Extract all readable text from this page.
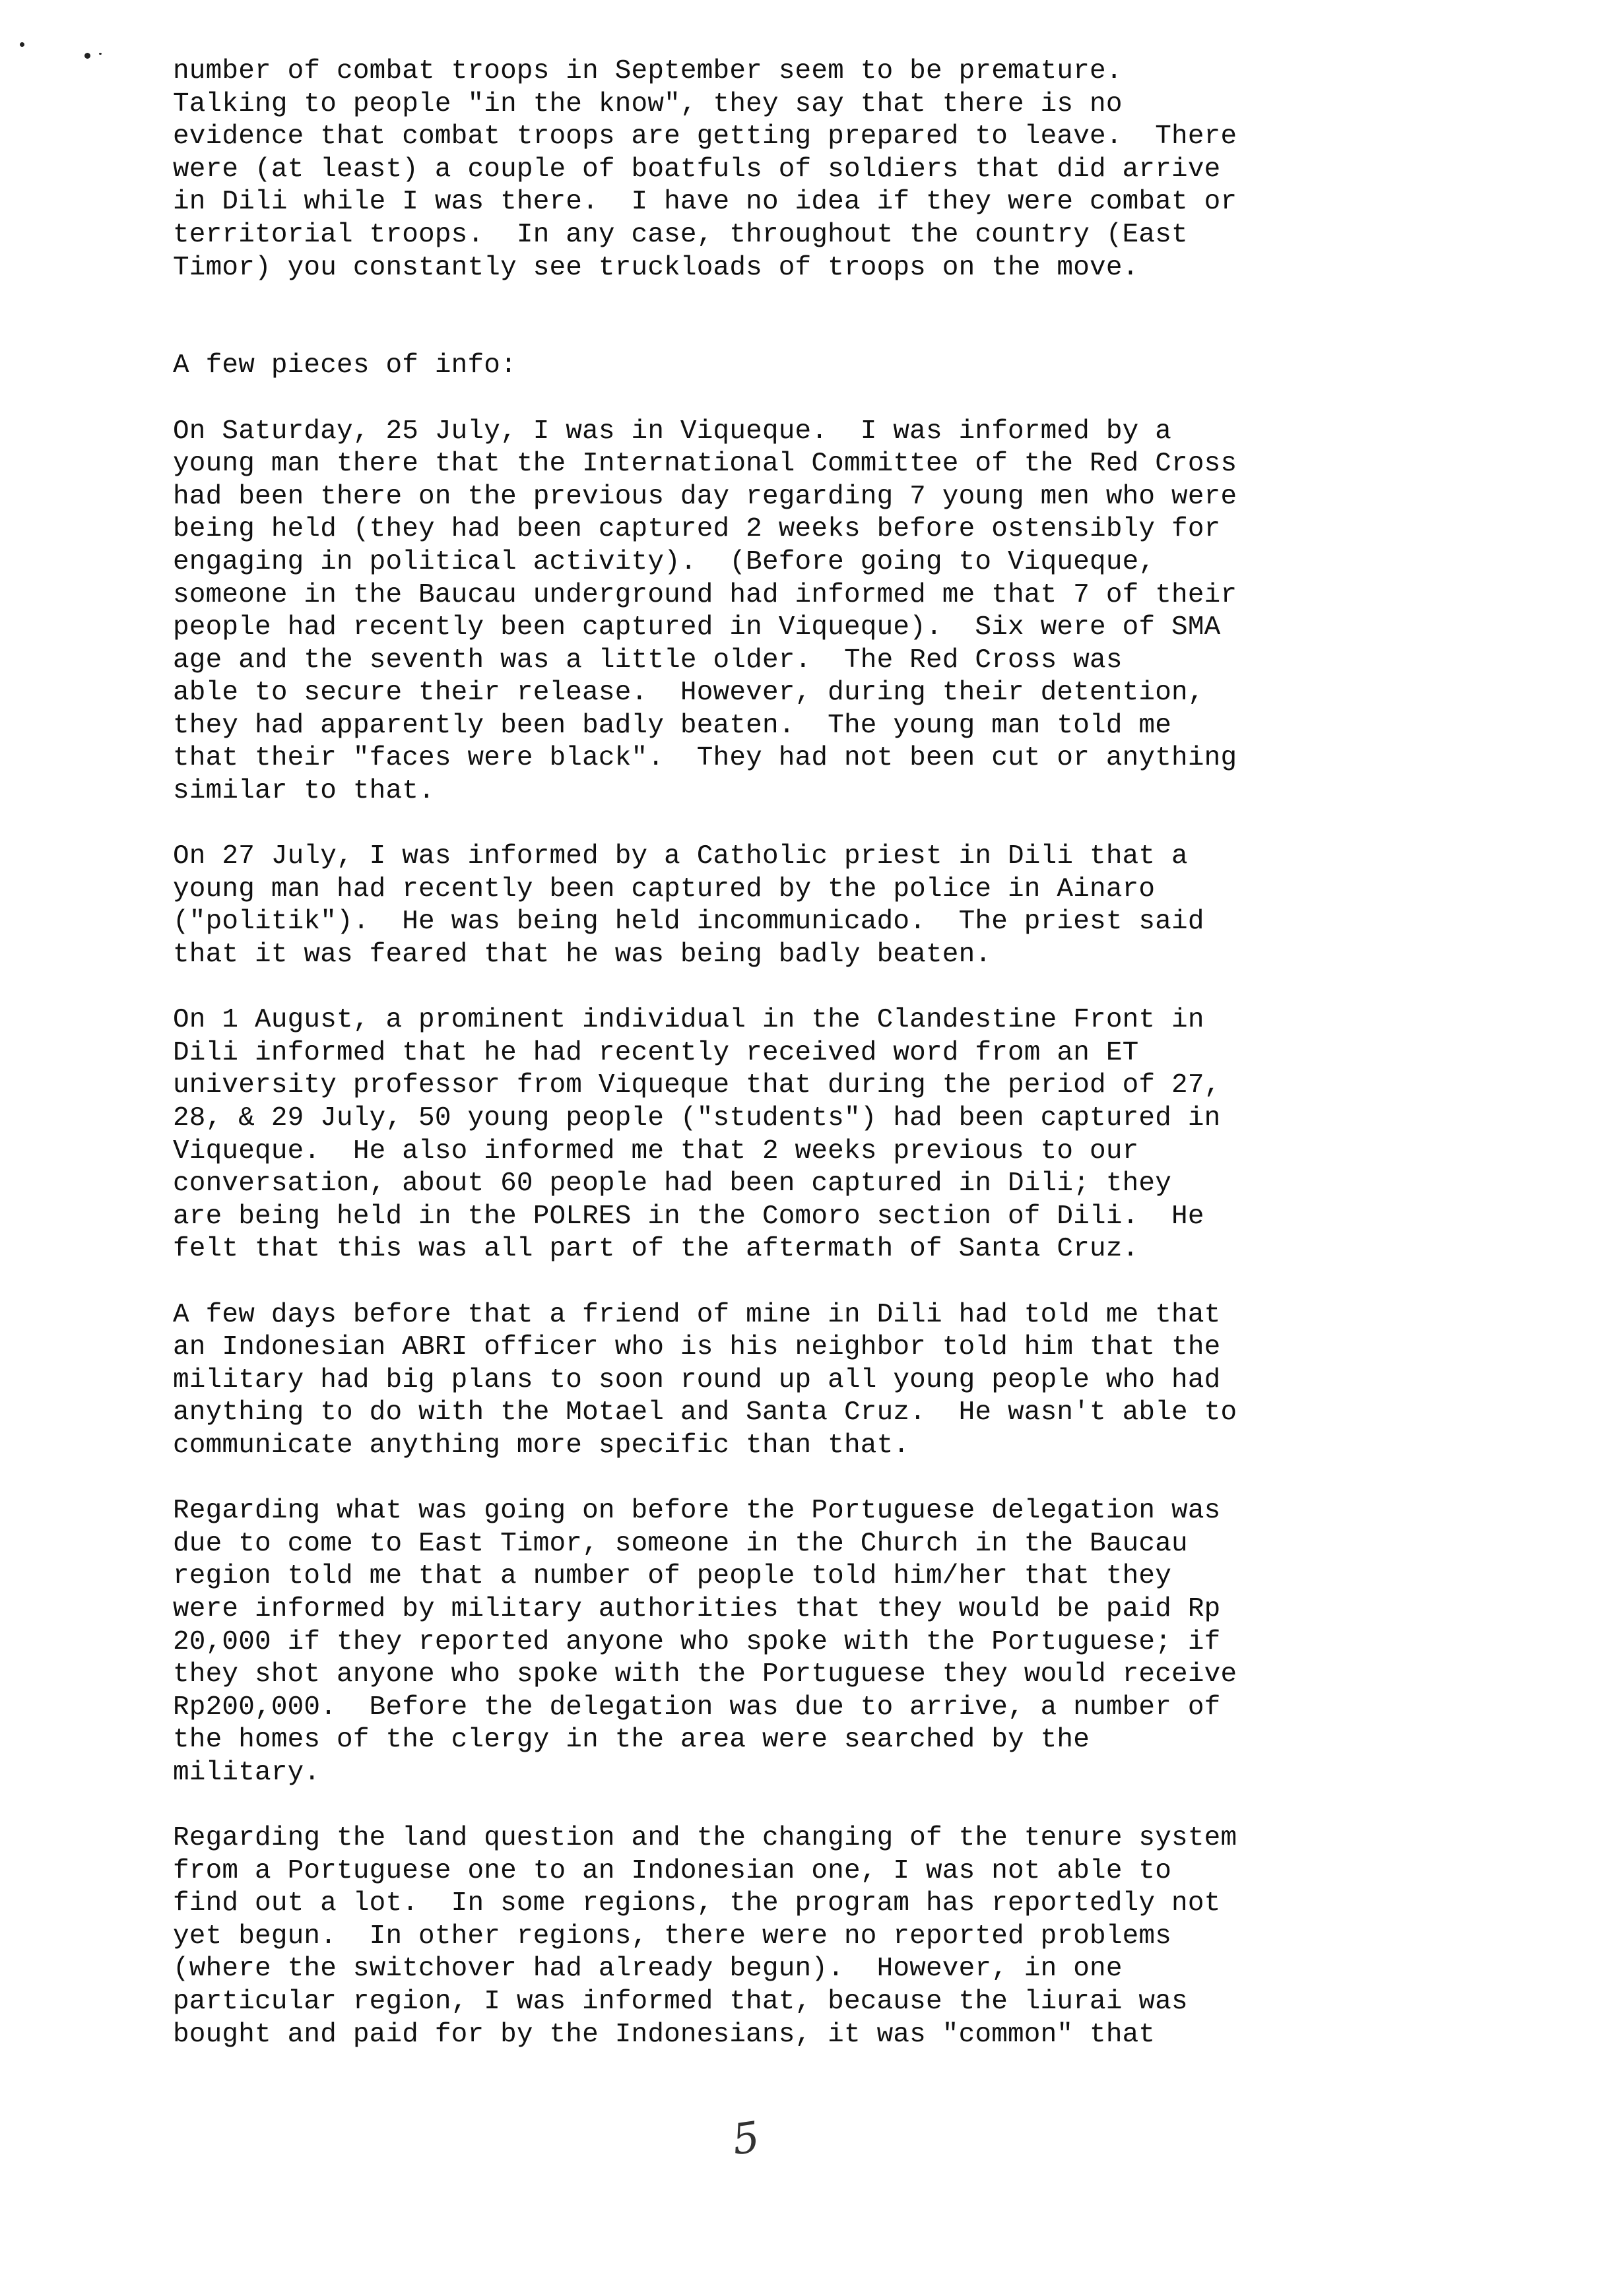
number of combat troops in September seem to be premature.
Talking to people "in the know", they say that there is no
evidence that combat troops are getting prepared to leave.  There
were (at least) a couple of boatfuls of soldiers that did arrive
in Dili while I was there.  I have no idea if they were combat or
territorial troops.  In any case, throughout the country (East
Timor) you constantly see truckloads of troops on the move.

A few pieces of info:

On Saturday, 25 July, I was in Viqueque.  I was informed by a
young man there that the International Committee of the Red Cross
had been there on the previous day regarding 7 young men who were
being held (they had been captured 2 weeks before ostensibly for
engaging in political activity).  (Before going to Viqueque,
someone in the Baucau underground had informed me that 7 of their
people had recently been captured in Viqueque).  Six were of SMA
age and the seventh was a little older.  The Red Cross was
able to secure their release.  However, during their detention,
they had apparently been badly beaten.  The young man told me
that their "faces were black".  They had not been cut or anything
similar to that.

On 27 July, I was informed by a Catholic priest in Dili that a
young man had recently been captured by the police in Ainaro
("politik").  He was being held incommunicado.  The priest said
that it was feared that he was being badly beaten.

On 1 August, a prominent individual in the Clandestine Front in
Dili informed that he had recently received word from an ET
university professor from Viqueque that during the period of 27,
28, & 29 July, 50 young people ("students") had been captured in
Viqueque.  He also informed me that 2 weeks previous to our
conversation, about 60 people had been captured in Dili; they
are being held in the POLRES in the Comoro section of Dili.  He
felt that this was all part of the aftermath of Santa Cruz.

A few days before that a friend of mine in Dili had told me that
an Indonesian ABRI officer who is his neighbor told him that the
military had big plans to soon round up all young people who had
anything to do with the Motael and Santa Cruz.  He wasn't able to
communicate anything more specific than that.

Regarding what was going on before the Portuguese delegation was
due to come to East Timor, someone in the Church in the Baucau
region told me that a number of people told him/her that they
were informed by military authorities that they would be paid Rp
20,000 if they reported anyone who spoke with the Portuguese; if
they shot anyone who spoke with the Portuguese they would receive
Rp200,000.  Before the delegation was due to arrive, a number of
the homes of the clergy in the area were searched by the
military.

Regarding the land question and the changing of the tenure system
from a Portuguese one to an Indonesian one, I was not able to
find out a lot.  In some regions, the program has reportedly not
yet begun.  In other regions, there were no reported problems
(where the switchover had already begun).  However, in one
particular region, I was informed that, because the liurai was
bought and paid for by the Indonesians, it was "common" that
5
